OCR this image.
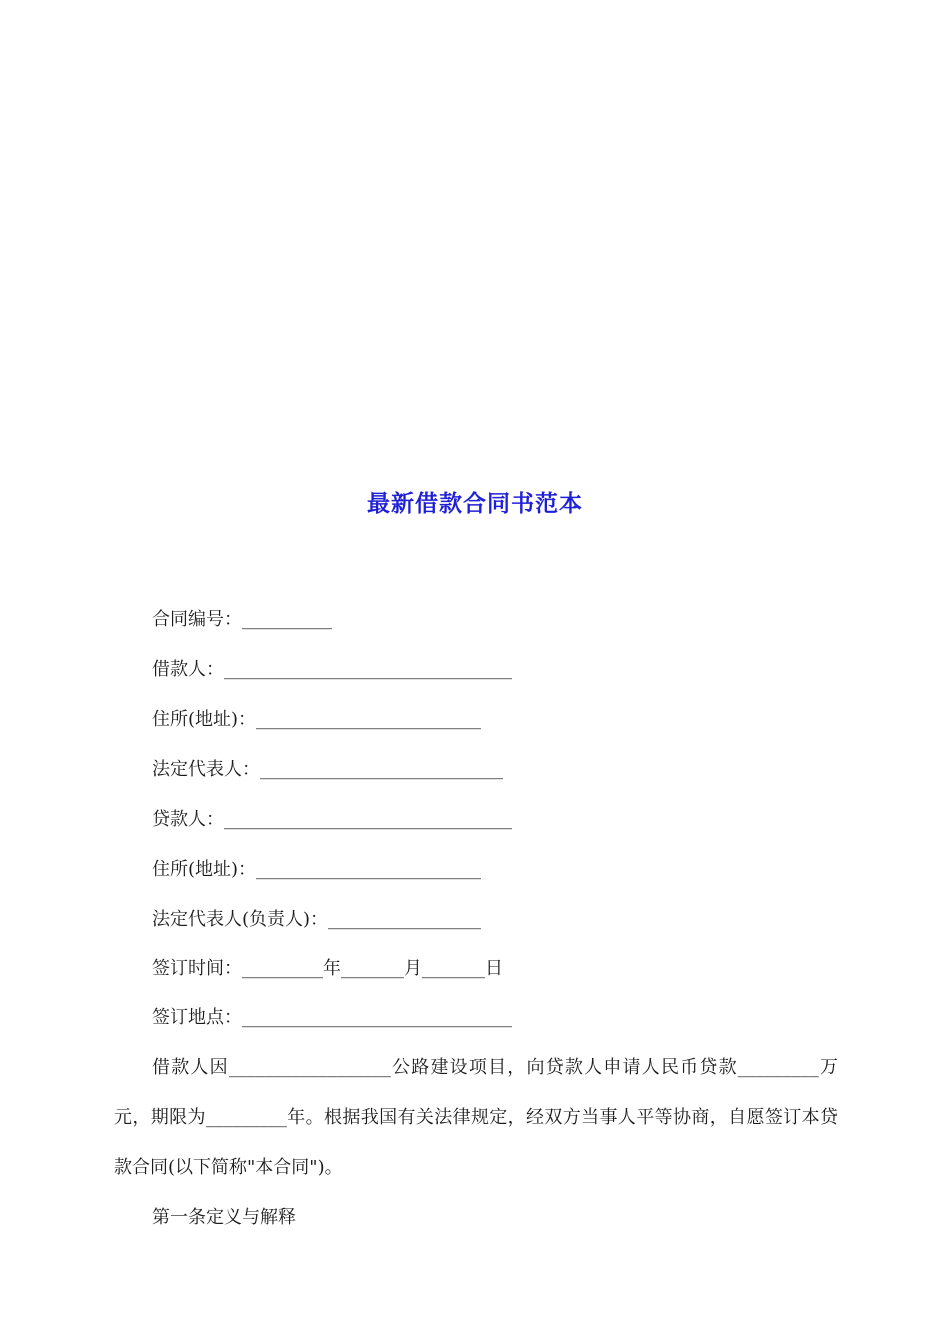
最新借款合同书范本
合同编号：__________
借款人：________________________________
住所(地址)：_________________________
法定代表人：___________________________
贷款人：________________________________
住所(地址)：_________________________
法定代表人(负责人)：_________________
签订时间：_________年_______月_______日
签订地点：______________________________
借款人因__________________公路建设项目，向贷款人申请人民币贷款_________万元，期限为_________年。根据我国有关法律规定，经双方当事人平等协商，自愿签订本贷款合同(以下简称"本合同")。
第一条定义与解释
